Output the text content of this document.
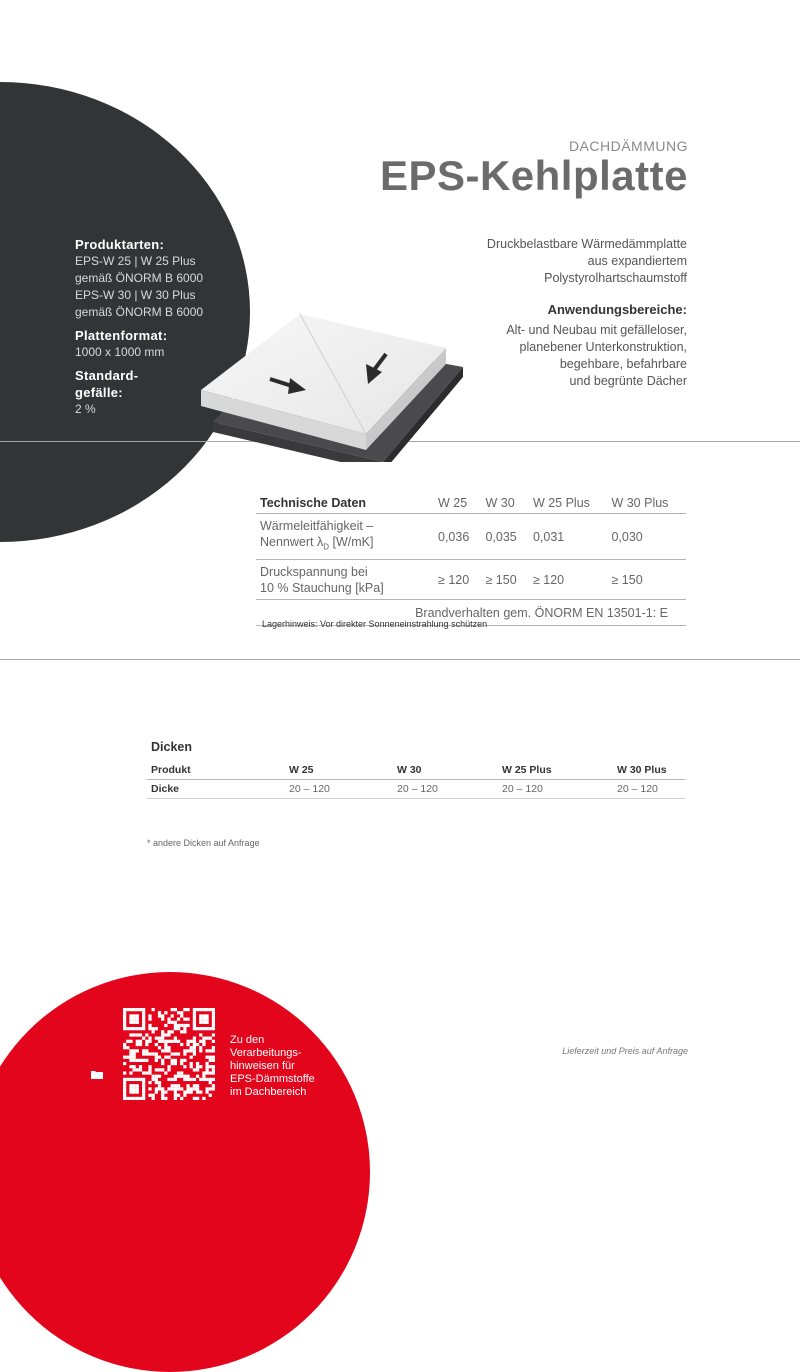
DACHDÄMMUNG
EPS-Kehlplatte
Produktarten:
EPS-W 25 | W 25 Plus
gemäß ÖNORM B 6000
EPS-W 30 | W 30 Plus
gemäß ÖNORM B 6000
Plattenformat:
1000 x 1000 mm
Standard-
gefälle:
2 %
Druckbelastbare Wärmedämmplatte
aus expandiertem
Polystyrolhartschaumstoff
Anwendungsbereiche:
Alt- und Neubau mit gefälleloser,
planebener Unterkonstruktion,
begehbare, befahrbare
und begrünte Dächer
Technische Daten	W 25	W 30	W 25 Plus	W 30 Plus

Wärmeleitfähigkeit –
Nennwert $\lambda_D$ [W/mK]	0,036	0,035	0,031	0,030

Druckspannung bei
10 % Stauchung [kPa]	≥ 120	≥ 150	≥ 120	≥ 150
Brandverhalten gem. ÖNORM EN 13501-1: E				
Lagerhinweis: Vor direkter Sonneneinstrahlung schützen
Dicken
Produkt	W 25	W 30	W 25 Plus	W 30 Plus
Dicke	20 – 120	20 – 120	20 – 120	20 – 120
* andere Dicken auf Anfrage
Lieferzeit und Preis auf Anfrage
Zu den
Verarbeitungs-
hinweisen für
EPS-Dämmstoffe
im Dachbereich
